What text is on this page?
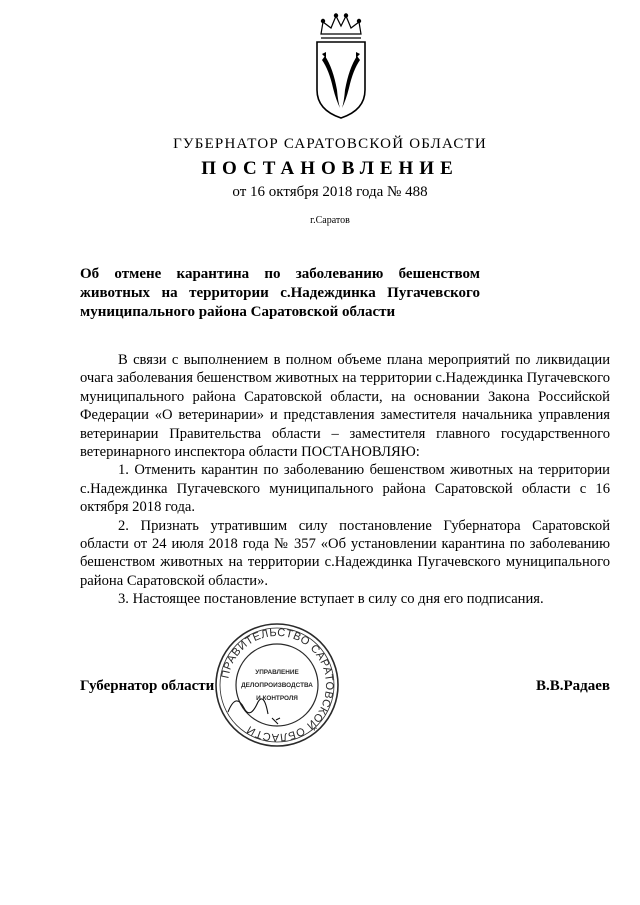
ГУБЕРНАТОР САРАТОВСКОЙ ОБЛАСТИ
ПОСТАНОВЛЕНИЕ
от 16 октября 2018 года № 488
г.Саратов
Об отмене карантина по заболеванию бешенством
животных на территории с.Надеждинка Пугачевского
муниципального района Саратовской области

В связи с выполнением в полном объеме плана мероприятий по ликвидации очага заболевания бешенством животных на территории с.Надеждинка Пугачевского муниципального района Саратовской области, на основании Закона Российской Федерации «О ветеринарии» и представления заместителя начальника управления ветеринарии Правительства области – заместителя главного государственного ветеринарного инспектора области ПОСТАНОВЛЯЮ:

1. Отменить карантин по заболеванию бешенством животных на территории с.Надеждинка Пугачевского муниципального района Саратовской области с 16 октября 2018 года.

2. Признать утратившим силу постановление Губернатора Саратовской области от 24 июля 2018 года № 357 «Об установлении карантина по заболеванию бешенством животных на территории с.Надеждинка Пугачевского муниципального района Саратовской области».

3. Настоящее постановление вступает в силу со дня его подписания.

ПРАВИТЕЛЬСТВО САРАТОВСКОЙ ОБЛАСТИ
УПРАВЛЕНИЕ
ДЕЛОПРОИЗВОДСТВА
И КОНТРОЛЯ
Губернатор области	В.В.Радаев
